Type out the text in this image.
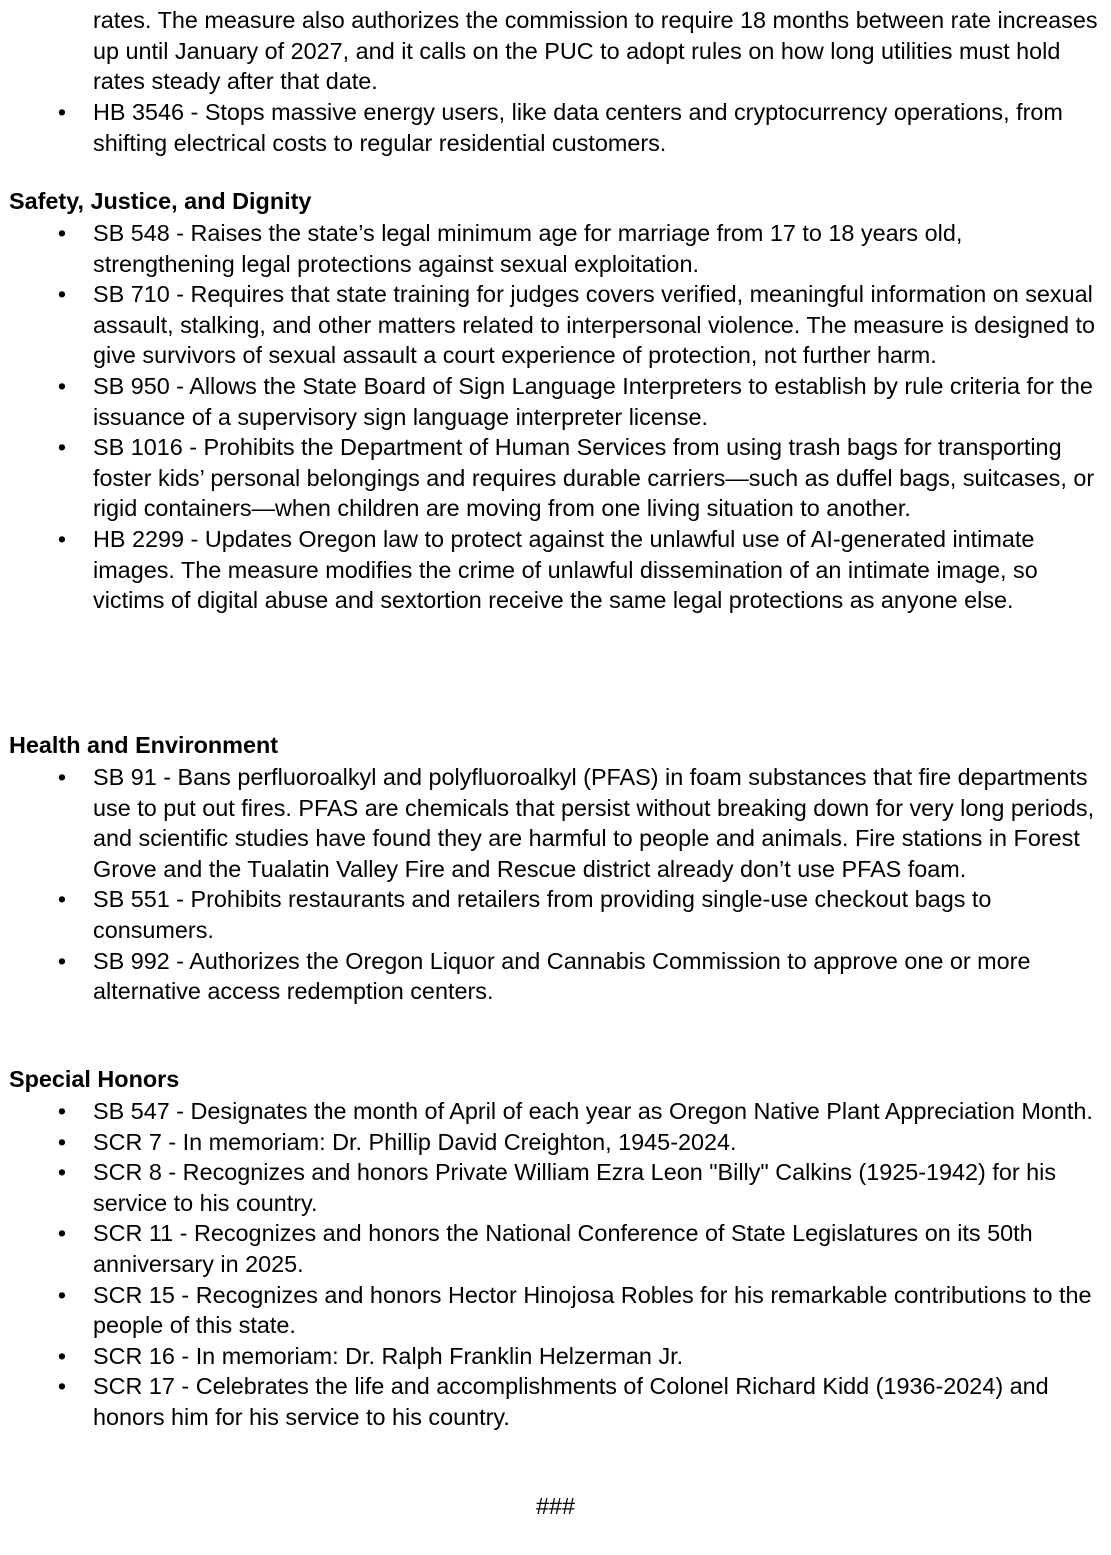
rates. The measure also authorizes the commission to require 18 months between rate increases up until January of 2027, and it calls on the PUC to adopt rules on how long utilities must hold rates steady after that date.
• HB 3546 - Stops massive energy users, like data centers and cryptocurrency operations, from shifting electrical costs to regular residential customers.
Safety, Justice, and Dignity
• SB 548 - Raises the state’s legal minimum age for marriage from 17 to 18 years old, strengthening legal protections against sexual exploitation.
• SB 710 - Requires that state training for judges covers verified, meaningful information on sexual assault, stalking, and other matters related to interpersonal violence. The measure is designed to give survivors of sexual assault a court experience of protection, not further harm.
• SB 950 - Allows the State Board of Sign Language Interpreters to establish by rule criteria for the issuance of a supervisory sign language interpreter license.
• SB 1016 - Prohibits the Department of Human Services from using trash bags for transporting foster kids’ personal belongings and requires durable carriers—such as duffel bags, suitcases, or rigid containers—when children are moving from one living situation to another.
• HB 2299 - Updates Oregon law to protect against the unlawful use of AI-generated intimate images. The measure modifies the crime of unlawful dissemination of an intimate image, so victims of digital abuse and sextortion receive the same legal protections as anyone else.
Health and Environment
• SB 91 - Bans perfluoroalkyl and polyfluoroalkyl (PFAS) in foam substances that fire departments use to put out fires. PFAS are chemicals that persist without breaking down for very long periods, and scientific studies have found they are harmful to people and animals. Fire stations in Forest Grove and the Tualatin Valley Fire and Rescue district already don’t use PFAS foam.
• SB 551 - Prohibits restaurants and retailers from providing single-use checkout bags to consumers.
• SB 992 - Authorizes the Oregon Liquor and Cannabis Commission to approve one or more alternative access redemption centers.
Special Honors
• SB 547 - Designates the month of April of each year as Oregon Native Plant Appreciation Month.
• SCR 7 - In memoriam: Dr. Phillip David Creighton, 1945-2024.
• SCR 8 - Recognizes and honors Private William Ezra Leon "Billy" Calkins (1925-1942) for his service to his country.
• SCR 11 - Recognizes and honors the National Conference of State Legislatures on its 50th anniversary in 2025.
• SCR 15 - Recognizes and honors Hector Hinojosa Robles for his remarkable contributions to the people of this state.
• SCR 16 - In memoriam: Dr. Ralph Franklin Helzerman Jr.
• SCR 17 - Celebrates the life and accomplishments of Colonel Richard Kidd (1936-2024) and honors him for his service to his country.
###
